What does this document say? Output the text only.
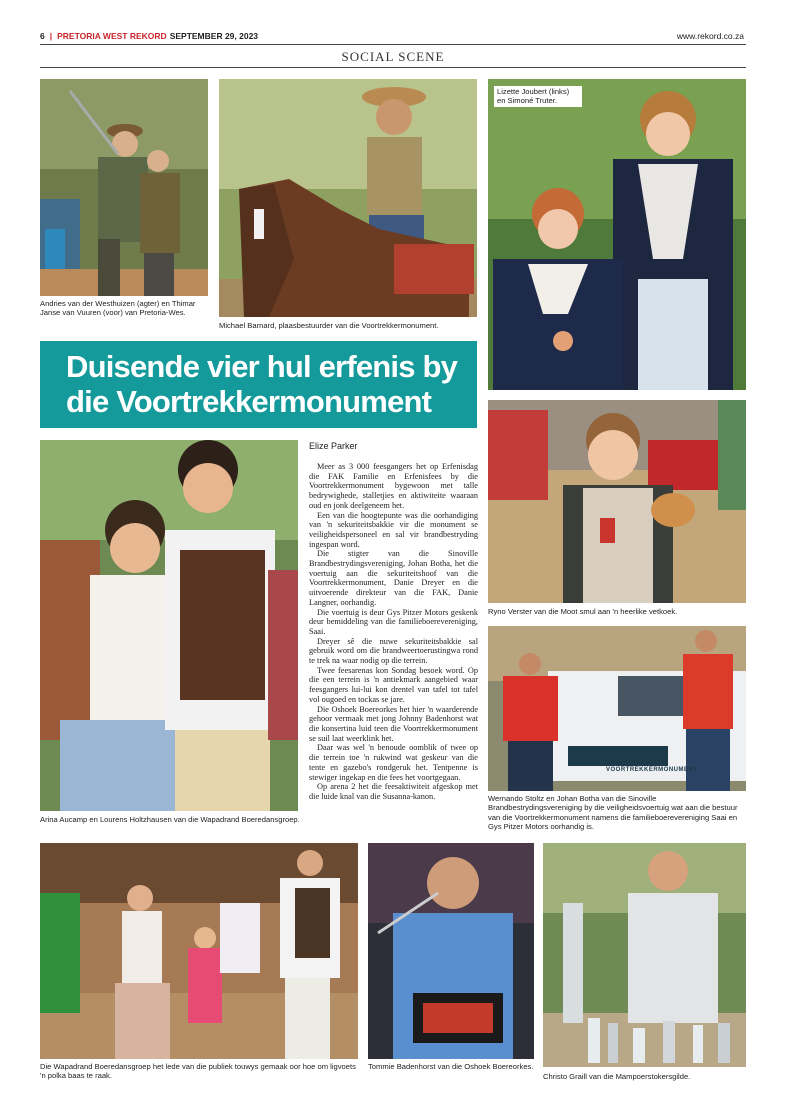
6 | PRETORIA WEST REKORD SEPTEMBER 29, 2023	www.rekord.co.za
SOCIAL SCENE
Andries van der Westhuizen (agter) en Thimar Janse van Vuuren (voor) van Pretoria-Wes.
Michael Barnard, plaasbestuurder van die Voortrekkermonument.
Lizette Joubert (links) en Simoné Truter.
Duisende vier hul erfenis by die Voortrekkermonument
Ryno Verster van die Moot smul aan 'n heerlike vetkoek.
Arina Aucamp en Lourens Holtzhausen van die Wapadrand Boeredansgroep.
Elize Parker

Meer as 3 000 feesgangers het op Erfenisdag die FAK Familie en Erfenisfees by die Voortrekkermonument bygewoon met talle bedrywighede, stalletjies en aktiwiteite waaraan oud en jonk deelgeneem het.

Een van die hoogtepunte was die oorhandiging van 'n sekuriteitsbakkie vir die monument se veiligheidspersoneel en sal vir brandbestryding ingespan word.

Die stigter van die Sinoville Brandbestrydingsvereniging, Johan Botha, het die voertuig aan die sekuriteitshoof van die Voortrekkermonument, Danie Dreyer en die uitvoerende direkteur van die FAK, Danie Langner, oorhandig.

Die voertuig is deur Gys Pitzer Motors geskenk deur bemiddeling van die familieboerevereniging, Saai.

Dreyer sê die nuwe sekuriteitsbakkie sal gebruik word om die brandweertoerustingwa rond te trek na waar nodig op die terrein.

Twee feesarenas kon Sondag besoek word. Op die een terrein is 'n antiekmark aangebied waar feesgangers lui-lui kon drentel van tafel tot tafel vol ougoed en tockas se jare.

Die Oshoek Boereorkes het hier 'n waarderende gehoor vermaak met jong Johnny Badenhorst wat die konsertina luid teen die Voortrekkermonument se suil laat weerklink het.

Daar was wel 'n benoude oomblik of twee op die terrein toe 'n rukwind wat geskeur van die tente en gazebo's rondgeruk het. Tentpenne is stewiger ingekap en die fees het voortgegaan.

Op arena 2 het die feesaktiwiteit afgeskop met die luide knal van die Susanna-kanon.

VOORTREKKERMONUMENT
Wernando Stoltz en Johan Botha van die Sinoville Brandbestrydingsvereniging by die veiligheidsvoertuig wat aan die bestuur van die Voortrekkermonument namens die familieboerevereniging Saai en Gys Pitzer Motors oorhandig is.
Die Wapadrand Boeredansgroep het lede van die publiek touwys gemaak oor hoe om ligvoets 'n polka baas te raak.
Tommie Badenhorst van die Oshoek Boereorkes.
Christo Graill van die Mampoerstokersgilde.
